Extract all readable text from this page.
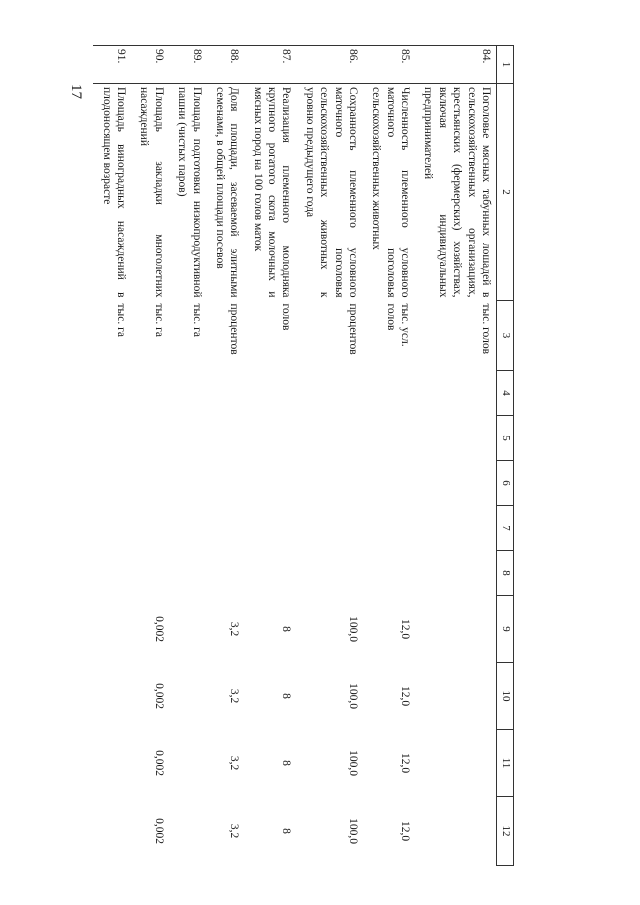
17
1	2	3	4	5	6	7	8	9	10	11	12
84.	Поголовье мясных табунных лошадей в сельскохозяйственных организациях, крестьянских (фермерских) хозяйствах, включая индивидуальных предпринимателей	тыс. голов									
85.	Численность племенного условного маточного поголовья сельскохозяйственных животных	тыс. усл. голов						12,0	12,0	12,0	12,0
86.	Сохранность племенного условного маточного поголовья сельскохозяйственных животных к уровню предыдущего года	процентов						100,0	100,0	100,0	100,0
87.	Реализация племенного молодняка крупного рогатого скота молочных и мясных пород на 100 голов маток	голов						8	8	8	8
88.	Доля площади, засеваемой элитными семенами, в общей площади посевов	процентов						3,2	3,2	3,2	3,2
89.	Площадь подготовки низкопродуктивной пашни (чистых паров)	тыс. га									
90.	Площадь закладки многолетних насаждений	тыс. га						0,002	0,002	0,002	0,002
91.	Площадь виноградных насаждений в плодоносящем возрасте	тыс. га									
